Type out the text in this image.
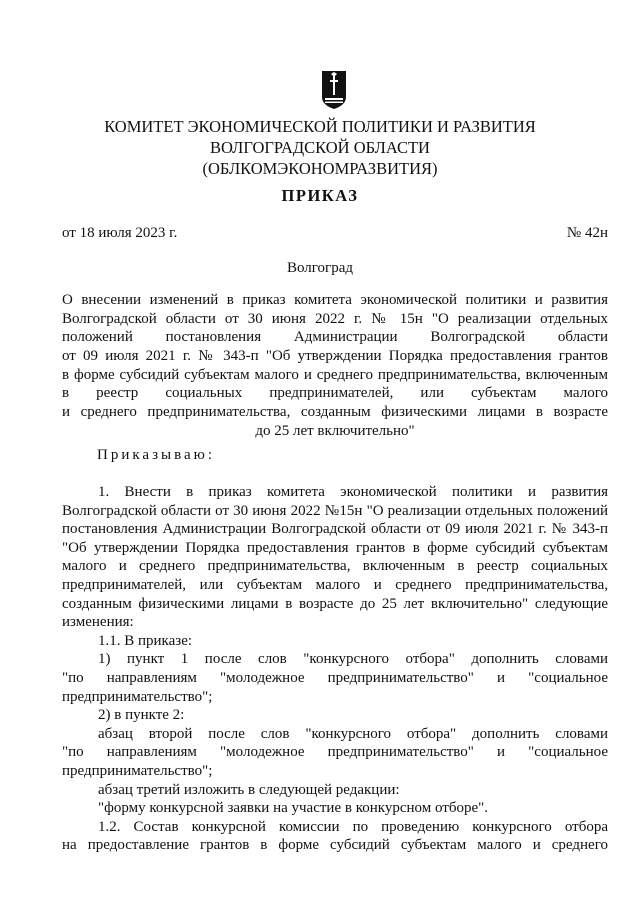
КОМИТЕТ ЭКОНОМИЧЕСКОЙ ПОЛИТИКИ И РАЗВИТИЯ
ВОЛГОГРАДСКОЙ ОБЛАСТИ
(ОБЛКОМЭКОНОМРАЗВИТИЯ)
ПРИКАЗ
от 18 июля 2023 г.	№ 42н
Волгоград
О внесении изменений в приказ комитета экономической политики и развития
Волгоградской области от 30 июня 2022 г. № 15н "О реализации отдельных
положений постановления Администрации Волгоградской области
от 09 июля 2021 г. № 343-п "Об утверждении Порядка предоставления грантов
в форме субсидий субъектам малого и среднего предпринимательства, включенным
в реестр социальных предпринимателей, или субъектам малого
и среднего предпринимательства, созданным физическими лицами в возрасте
до 25 лет включительно"
Приказываю:
1. Внести в приказ комитета экономической политики и развития
Волгоградской области от 30 июня 2022 №15н "О реализации отдельных положений
постановления Администрации Волгоградской области от 09 июля 2021 г. № 343-п
"Об утверждении Порядка предоставления грантов в форме субсидий субъектам
малого и среднего предпринимательства, включенным в реестр социальных
предпринимателей, или субъектам малого и среднего предпринимательства,
созданным физическими лицами в возрасте до 25 лет включительно" следующие
изменения:
1.1. В приказе:
1) пункт 1 после слов "конкурсного отбора" дополнить словами
"по направлениям "молодежное предпринимательство" и "социальное
предпринимательство";
2) в пункте 2:
абзац второй после слов "конкурсного отбора" дополнить словами
"по направлениям "молодежное предпринимательство" и "социальное
предпринимательство";
абзац третий изложить в следующей редакции:
"форму конкурсной заявки на участие в конкурсном отборе".
1.2. Состав конкурсной комиссии по проведению конкурсного отбора
на предоставление грантов в форме субсидий субъектам малого и среднего
